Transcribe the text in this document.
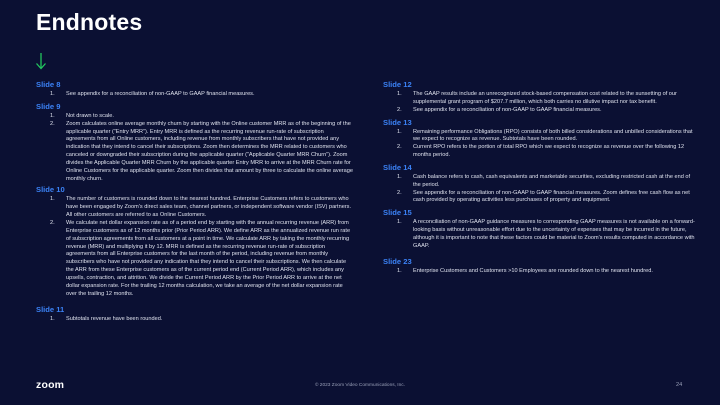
Endnotes
Slide 8
1.	See appendix for a reconciliation of non-GAAP to GAAP financial measures.
Slide 9
1.	Not drawn to scale.
2.	Zoom calculates online average monthly churn by starting with the Online customer MRR as of the beginning of the applicable quarter (“Entry MRR”). Entry MRR is defined as the recurring revenue run-rate of subscription agreements from all Online customers, including revenue from monthly subscribers that have not provided any indication that they intend to cancel their subscriptions. Zoom then determines the MRR related to customers who canceled or downgraded their subscription during the applicable quarter (“Applicable Quarter MRR Churn”). Zoom divides the Applicable Quarter MRR Churn by the applicable quarter Entry MRR to arrive at the MRR Churn rate for Online Customers for the applicable quarter. Zoom then divides that amount by three to calculate the online average monthly churn.
Slide 10
1.	The number of customers is rounded down to the nearest hundred. Enterprise Customers refers to customers who have been engaged by Zoom’s direct sales team, channel partners, or independent software vendor (ISV) partners. All other customers are referred to as Online Customers.
2.	We calculate net dollar expansion rate as of a period end by starting with the annual recurring revenue (ARR) from Enterprise customers as of 12 months prior (Prior Period ARR). We define ARR as the annualized revenue run rate of subscription agreements from all customers at a point in time. We calculate ARR by taking the monthly recurring revenue (MRR) and multiplying it by 12. MRR is defined as the recurring revenue run-rate of subscription agreements from all Enterprise customers for the last month of the period, including revenue from monthly subscribers who have not provided any indication that they intend to cancel their subscriptions. We then calculate the ARR from these Enterprise customers as of the current period end (Current Period ARR), which includes any upsells, contraction, and attrition. We divide the Current Period ARR by the Prior Period ARR to arrive at the net dollar expansion rate. For the trailing 12 months calculation, we take an average of the net dollar expansion rate over the trailing 12 months.
Slide 11
1.	Subtotals revenue have been rounded.
Slide 12
1.	The GAAP results include an unrecognized stock-based compensation cost related to the sunsetting of our supplemental grant program of $207.7 million, which both carries no dilutive impact nor tax benefit.
2.	See appendix for a reconciliation of non-GAAP to GAAP financial measures.
Slide 13
1.	Remaining performance Obligations (RPO) consists of both billed considerations and unbilled considerations that we expect to recognize as revenue. Subtotals have been rounded.
2.	Current RPO refers to the portion of total RPO which we expect to recognize as revenue over the following 12 months period.
Slide 14
1.	Cash balance refers to cash, cash equivalents and marketable securities, excluding restricted cash at the end of the period.
2.	See appendix for a reconciliation of non-GAAP to GAAP financial measures. Zoom defines free cash flow as net cash provided by operating activities less purchases of property and equipment.
Slide 15
1.	A reconciliation of non-GAAP guidance measures to corresponding GAAP measures is not available on a forward-looking basis without unreasonable effort due to the uncertainty of expenses that may be incurred in the future, although it is important to note that these factors could be material to Zoom's results computed in accordance with GAAP.
Slide 23
1.	Enterprise Customers and Customers >10 Employees are rounded down to the nearest hundred.
zoom	© 2023 Zoom Video Communications, Inc.	24
